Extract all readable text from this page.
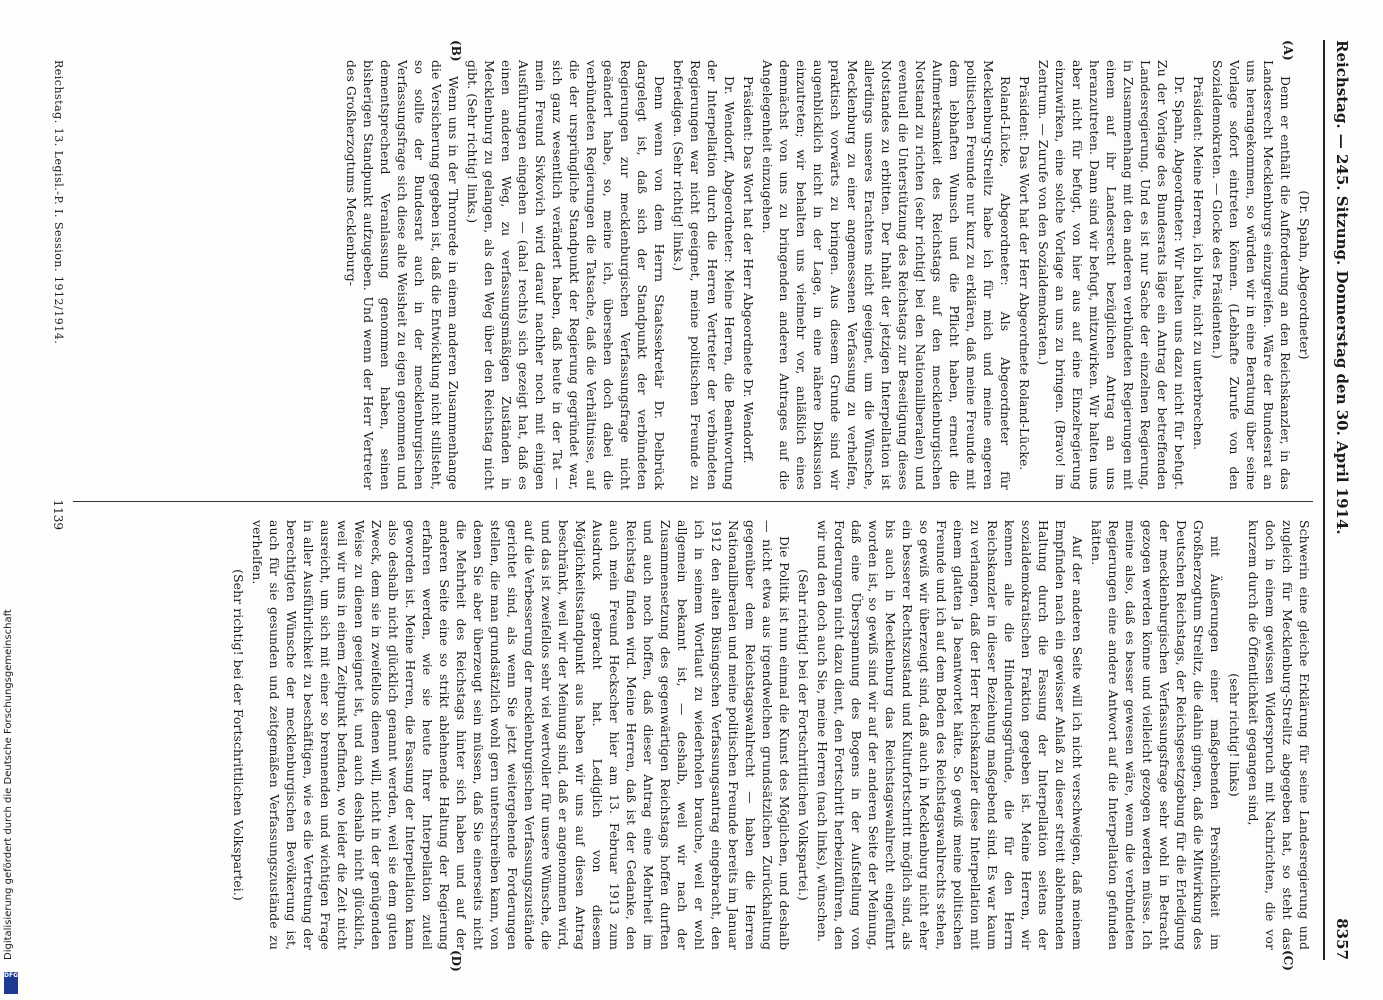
Reichstag. — 245. Sitzung. Donnerstag den 30. April 1914.
8357
(A)
(B)
(C)
(D)

(Dr. Spahn, Abgeordneter)

Denn er enthält die Aufforderung an den Reichskanzler, in das Landesrecht Mecklenburgs einzugreifen. Wäre der Bundesrat an uns herangekommen, so würden wir in eine Beratung über seine Vorlage sofort eintreten können. (Lebhafte Zurufe von den Sozialdemokraten. — Glocke des Präsidenten.)

Präsident: Meine Herren, ich bitte, nicht zu unterbrechen.

Dr. Spahn, Abgeordneter: Wir halten uns dazu nicht für befugt. Zu der Vorlage des Bundesrats läge ein Antrag der betreffenden Landesregierung. Und es ist nur Sache der einzelnen Regierung, in Zusammenhang mit den anderen verbündeten Regierungen mit einem auf ihr Landesrecht bezüglichen Antrag an uns heranzutreten. Dann sind wir befugt, mitzuwirken. Wir halten uns aber nicht für befugt, von hier aus auf eine Einzelregierung einzuwirken, eine solche Vorlage an uns zu bringen. (Bravo! im Zentrum. — Zurufe von den Sozialdemokraten.)

Präsident: Das Wort hat der Herr Abgeordnete Roland-Lücke.

Roland-Lücke, Abgeordneter: Als Abgeordneter für Mecklenburg-Strelitz habe ich für mich und meine engeren politischen Freunde nur kurz zu erklären, daß meine Freunde mit dem lebhaften Wunsch und die Pflicht haben, erneut die Aufmerksamkeit des Reichstags auf den mecklenburgischen Notstand zu richten (sehr richtig! bei den Nationalliberalen) und eventuell die Unterstützung des Reichstags zur Beseitigung dieses Notstandes zu erbitten. Der Inhalt der jetzigen Interpellation ist allerdings unseres Erachtens nicht geeignet, um die Wünsche, Mecklenburg zu einer angemessenen Verfassung zu verhelfen, praktisch vorwärts zu bringen. Aus diesem Grunde sind wir augenblicklich nicht in der Lage, in eine nähere Diskussion einzutreten; wir behalten uns vielmehr vor, anläßlich eines demnächst von uns zu bringenden anderen Antrages auf die Angelegenheit einzugehen.

Präsident: Das Wort hat der Herr Abgeordnete Dr. Wendorff.

Dr. Wendorff, Abgeordneter: Meine Herren, die Beantwortung der Interpellation durch die Herren Vertreter der verbündeten Regierungen war nicht geeignet, meine politischen Freunde zu befriedigen. (Sehr richtig! links.)

Denn wenn von dem Herrn Staatssekretär Dr. Delbrück dargelegt ist, daß sich der Standpunkt der verbündeten Regierungen zur mecklenburgischen Verfassungsfrage nicht geändert habe, so, meine ich, übersehen doch dabei die verbündeten Regierungen die Tatsache, daß die Verhältnisse, auf die der ursprüngliche Standpunkt der Regierung gegründet war, sich ganz wesentlich verändert haben, daß heute in der Tat — mein Freund Sivkovich wird darauf nachher noch mit einigen Ausführungen eingehen — (aha! rechts) sich gezeigt hat, daß es einen anderen Weg, zu verfassungsmäßigen Zuständen in Mecklenburg zu gelangen, als den Weg über den Reichstag nicht gibt. (Sehr richtig! links.)

Wenn uns in der Thronrede in einem anderen Zusammenhange die Versicherung gegeben ist, daß die Entwicklung nicht stillsteht, so sollte der Bundesrat auch in der mecklenburgischen Verfassungsfrage sich diese alte Weisheit zu eigen genommen und dementsprechend Veranlassung genommen haben, seinen bisherigen Standpunkt aufzugeben. Und wenn der Herr Vertreter des Großherzogtums Mecklenburg-

Schwerin eine gleiche Erklärung für seine Landesregierung und zugleich für Mecklenburg-Strelitz abgegeben hat, so steht das doch in einem gewissen Widerspruch mit Nachrichten, die vor kurzem durch die Öffentlichkeit gegangen sind,

(sehr richtig! links)

mit Äußerungen einer maßgebenden Persönlichkeit im Großherzogtum Strelitz, die dahin gingen, daß die Mitwirkung des Deutschen Reichstags, der Reichsgesetzgebung für die Erledigung der mecklenburgischen Verfassungsfrage sehr wohl in Betracht gezogen werden könne und vielleicht gezogen werden müsse. Ich meine also, daß es besser gewesen wäre, wenn die verbündeten Regierungen eine andere Antwort auf die Interpellation gefunden hätten.

Auf der anderen Seite will ich nicht verschweigen, daß meinem Empfinden nach ein gewisser Anlaß zu dieser streitt ablehnenden Haltung durch die Fassung der Interpellation seitens der sozialdemokratischen Fraktion gegeben ist. Meine Herren, wir kennen alle die Hinderungsgründe, die für den Herrn Reichskanzler in dieser Beziehung maßgebend sind. Es war kaum zu verlangen, daß der Herr Reichskanzler diese Interpellation mit einem glatten Ja beantwortet hätte. So gewiß meine politischen Freunde und ich auf dem Boden des Reichstagswahlrechts stehen, so gewiß wir überzeugt sind, daß auch in Mecklenburg nicht eher ein besserer Rechtszustand und Kulturfortschritt möglich sind, als bis auch in Mecklenburg das Reichstagswahlrecht eingeführt worden ist, so gewiß sind wir auf der anderen Seite der Meinung, daß eine Überspannung des Bogens in der Aufstellung von Forderungen nicht dazu dient, den Fortschritt herbeizuführen, den wir und den doch auch Sie, meine Herren (nach links), wünschen.

(Sehr richtig! bei der Fortschrittlichen Volkspartei.)

Die Politik ist nun einmal die Kunst des Möglichen, und deshalb — nicht etwa aus irgendwelchen grundsätzlichen Zurückhaltung gegenüber dem Reichstagswahlrecht — haben die Herren Nationalliberalen und meine politischen Freunde bereits im Januar 1912 den alten Büsingschen Verfassungsantrag eingebracht, den ich in seinem Wortlaut zu wiederholen brauche, weil er wohl allgemein bekannt ist, — deshalb, weil wir nach der Zusammensetzung des gegenwärtigen Reichstags hoffen durften und auch noch hoffen, daß dieser Antrag eine Mehrheit im Reichstag finden wird. Meine Herren, daß ist der Gedanke, den auch mein Freund Heckscher hier am 13. Februar 1913 zum Ausdruck gebracht hat. Lediglich von diesem Möglichkeitsstandpunkt aus haben wir uns auf diesen Antrag beschränkt, weil wir der Meinung sind, daß er angenommen wird, und das ist zweifellos sehr viel wertvoller für unsere Wünsche, die auf die Verbesserung der mecklenburgischen Verfassungszustände gerichtet sind, als wenn Sie jetzt weitergehende Forderungen stellen, die man grundsätzlich wohl gern unterschreiben kann, von denen Sie aber überzeugt sein müssen, daß Sie einerseits nicht die Mehrheit des Reichstags hinter sich haben und auf der anderen Seite eine so strikt ablehnende Haltung der Regierung erfahren werden, wie sie heute Ihrer Interpellation zuteil geworden ist. Meine Herren, die Fassung der Interpellation kann also deshalb nicht glücklich genannt werden, weil sie dem guten Zweck, dem sie in zweifellos dienen will, nicht in der genügenden Weise zu dienen geeignet ist, und auch deshalb nicht glücklich, weil wir uns in einem Zeitpunkt befinden, wo leider die Zeit nicht ausreicht, um sich mit einer so brennenden und wichtigen Frage in aller Ausführlichkeit zu beschäftigen, wie es die Vertretung der berechtigten Wünsche der mecklenburgischen Bevölkerung ist, auch für sie gesunden und zeitgemäßen Verfassungszustände zu verhelfen.

(Sehr richtig! bei der Fortschrittlichen Volkspartei.)

Reichstag. 13. Legisl.-P. I. Session. 1912/1914.
1139
Digitalisierung gefördert durch die Deutsche Forschungsgemeinschaft
DFG
